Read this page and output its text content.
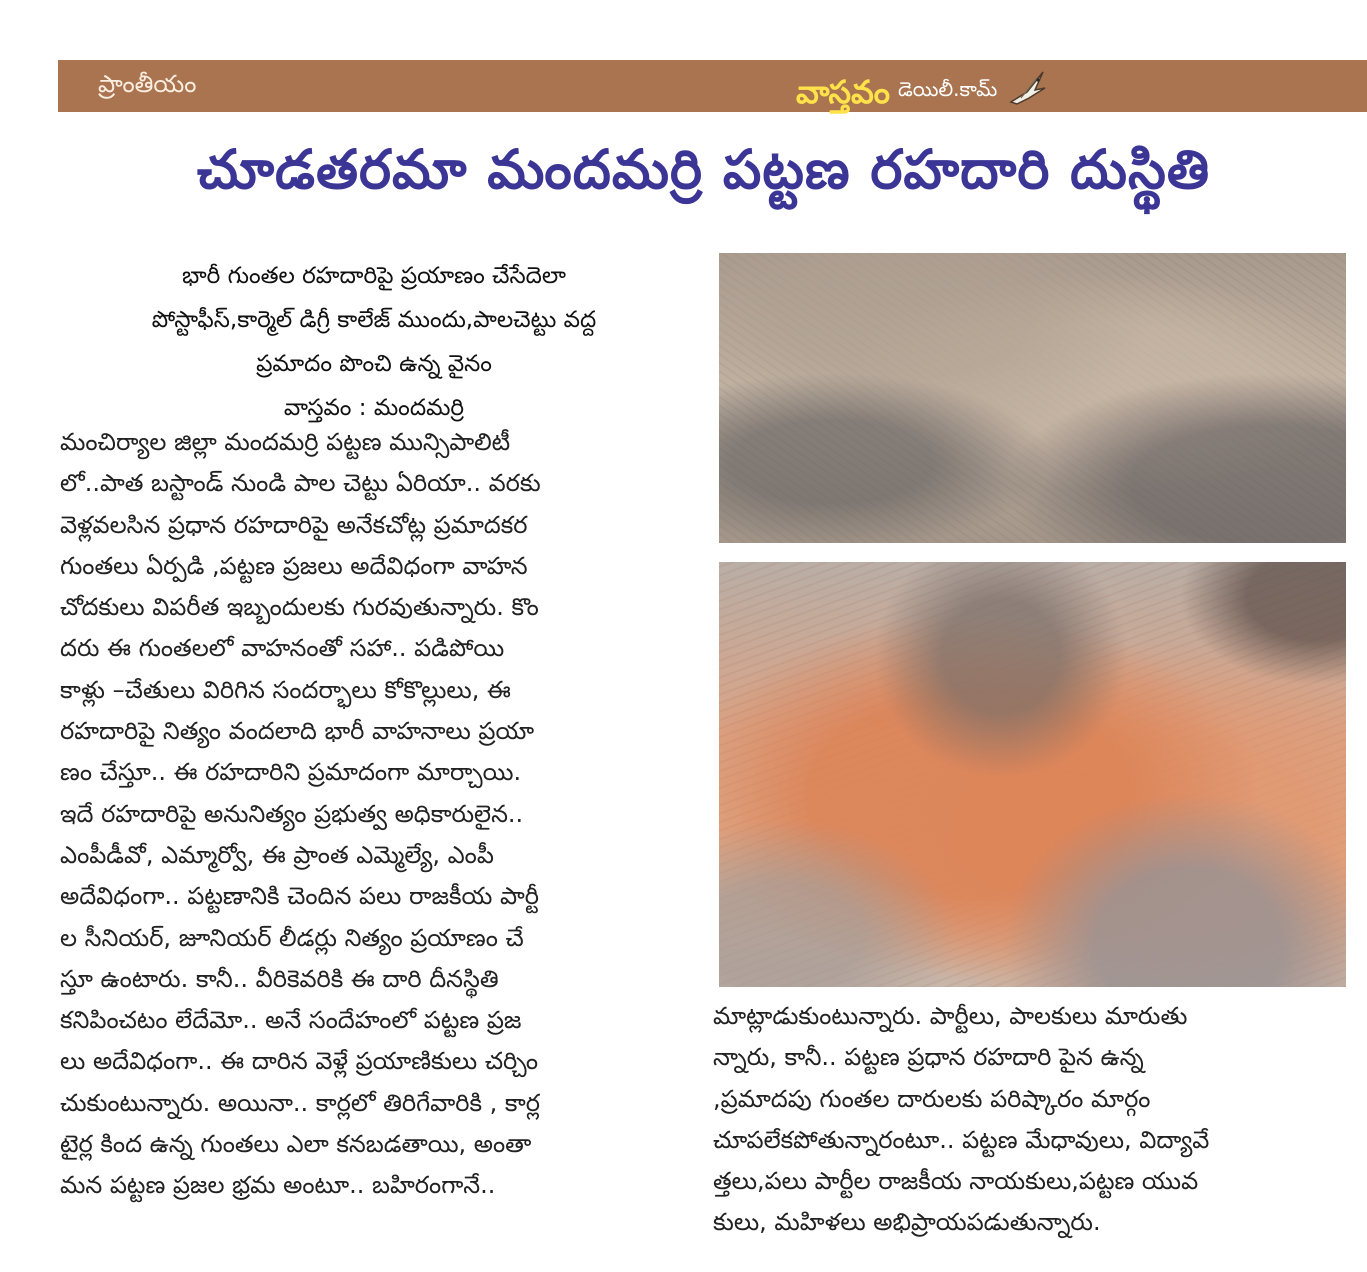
ప్రాంతీయం	వాస్తవం డెయిలీ.కామ్
చూడతరమా మందమర్రి పట్టణ రహదారి దుస్థితి
భారీ గుంతల రహదారిపై ప్రయాణం చేసేదెలా
పోస్టాఫీస్,కార్మెల్ డిగ్రీ కాలేజ్ ముందు,పాలచెట్టు వద్ద
ప్రమాదం పొంచి ఉన్న వైనం
వాస్తవం : మందమర్రి
మంచిర్యాల జిల్లా మందమర్రి పట్టణ మున్సిపాలిటీ
లో..పాత బస్టాండ్ నుండి పాల చెట్టు ఏరియా.. వరకు
వెళ్లవలసిన ప్రధాన రహదారిపై అనేకచోట్ల ప్రమాదకర
గుంతలు ఏర్పడి ,పట్టణ ప్రజలు అదేవిధంగా వాహన
చోదకులు విపరీత ఇబ్బందులకు గురవుతున్నారు. కొం
దరు ఈ గుంతలలో వాహనంతో సహా.. పడిపోయి
కాళ్లు –చేతులు విరిగిన సందర్భాలు కోకొల్లులు, ఈ
రహదారిపై నిత్యం వందలాది భారీ వాహనాలు ప్రయా
ణం చేస్తూ.. ఈ రహదారిని ప్రమాదంగా మార్చాయి.
ఇదే రహదారిపై అనునిత్యం ప్రభుత్వ అధికారులైన..
ఎంపీడీవో, ఎమ్మార్వో, ఈ ప్రాంత ఎమ్మెల్యే, ఎంపీ
అదేవిధంగా.. పట్టణానికి చెందిన పలు రాజకీయ పార్టీ
ల సీనియర్, జూనియర్ లీడర్లు నిత్యం ప్రయాణం చే
స్తూ ఉంటారు. కానీ.. వీరికెవరికి ఈ దారి దీనస్థితి
కనిపించటం లేదేమో.. అనే సందేహంలో పట్టణ ప్రజ
లు అదేవిధంగా.. ఈ దారిన వెళ్లే ప్రయాణికులు చర్చిం
చుకుంటున్నారు. అయినా.. కార్లలో తిరిగేవారికి , కార్ల
టైర్ల కింద ఉన్న గుంతలు ఎలా కనబడతాయి, అంతా
మన పట్టణ ప్రజల భ్రమ అంటూ.. బహిరంగానే..
మాట్లాడుకుంటున్నారు. పార్టీలు, పాలకులు మారుతు
న్నారు, కానీ.. పట్టణ ప్రధాన రహదారి పైన ఉన్న
,ప్రమాదపు గుంతల దారులకు పరిష్కారం మార్గం
చూపలేకపోతున్నారంటూ.. పట్టణ మేధావులు, విద్యావే
త్తలు,పలు పార్టీల రాజకీయ నాయకులు,పట్టణ యువ
కులు, మహిళలు అభిప్రాయపడుతున్నారు.
